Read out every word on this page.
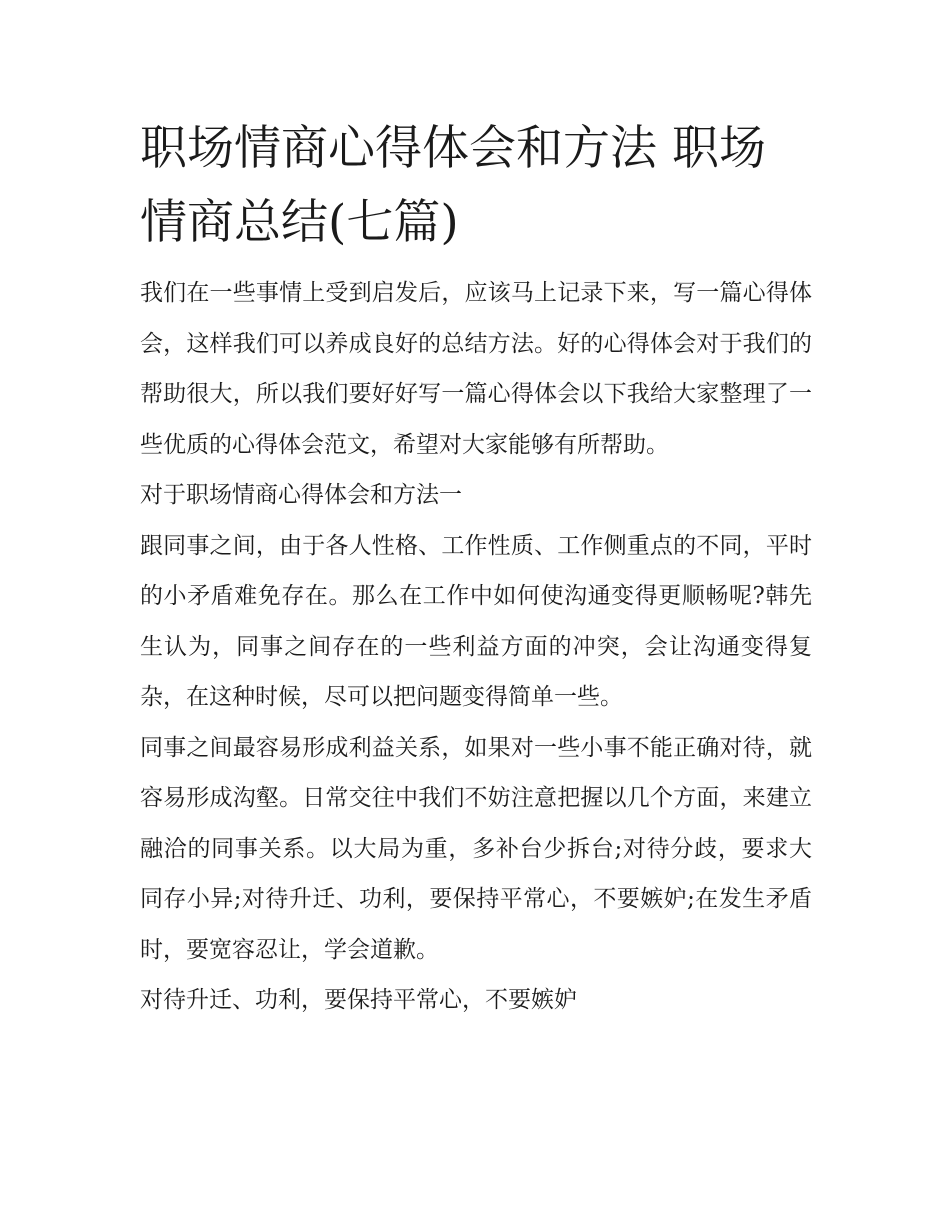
职场情商心得体会和方法 职场情商总结(七篇)

我们在一些事情上受到启发后，应该马上记录下来，写一篇心得体会，这样我们可以养成良好的总结方法。好的心得体会对于我们的帮助很大，所以我们要好好写一篇心得体会以下我给大家整理了一些优质的心得体会范文，希望对大家能够有所帮助。

对于职场情商心得体会和方法一

跟同事之间，由于各人性格、工作性质、工作侧重点的不同，平时的小矛盾难免存在。那么在工作中如何使沟通变得更顺畅呢?韩先生认为，同事之间存在的一些利益方面的冲突，会让沟通变得复杂，在这种时候，尽可以把问题变得简单一些。

同事之间最容易形成利益关系，如果对一些小事不能正确对待，就容易形成沟壑。日常交往中我们不妨注意把握以几个方面，来建立融洽的同事关系。以大局为重，多补台少拆台;对待分歧，要求大同存小异;对待升迁、功利，要保持平常心，不要嫉妒;在发生矛盾时，要宽容忍让，学会道歉。

对待升迁、功利，要保持平常心，不要嫉妒
